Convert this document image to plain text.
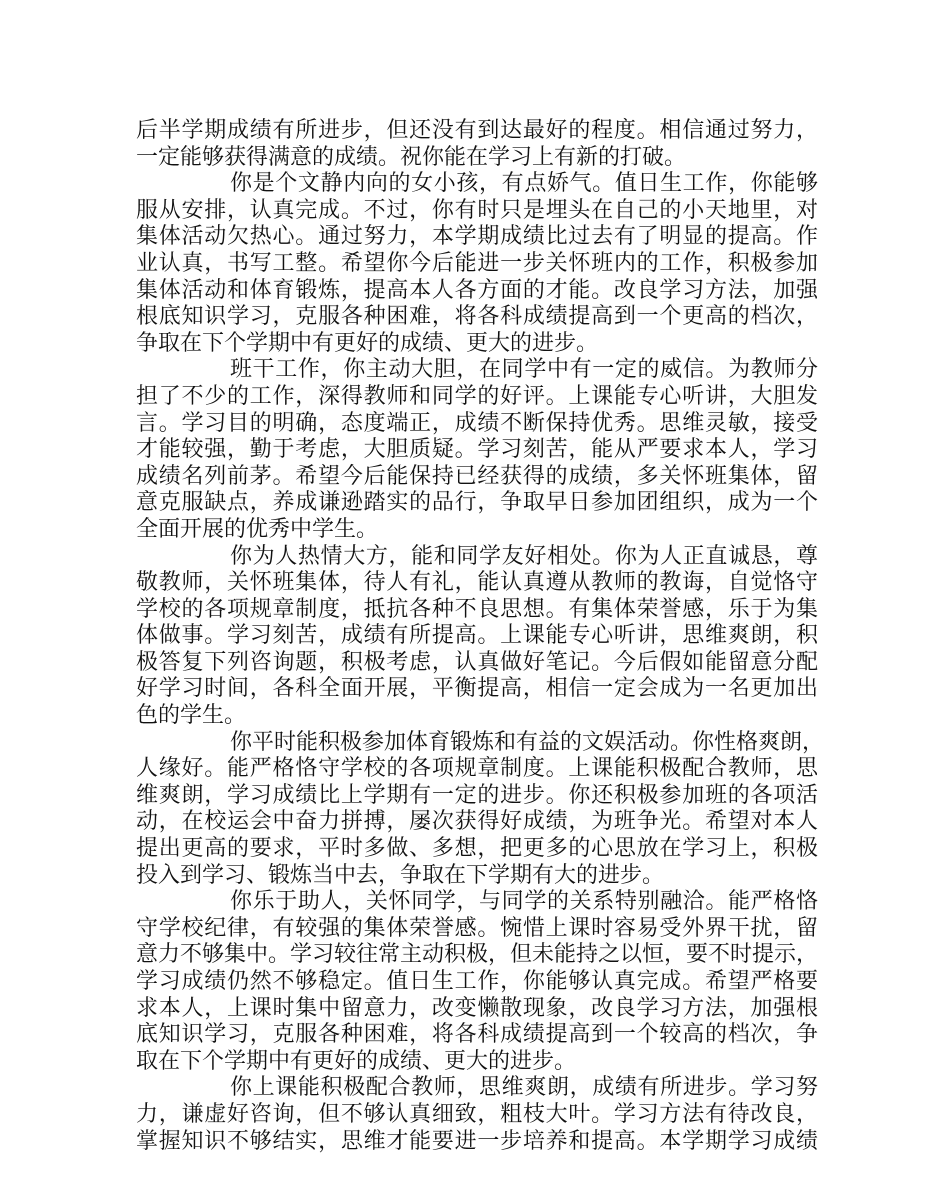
后半学期成绩有所进步，但还没有到达最好的程度。相信通过努力，
一定能够获得满意的成绩。祝你能在学习上有新的打破。
你是个文静内向的女小孩，有点娇气。值日生工作，你能够
服从安排，认真完成。不过，你有时只是埋头在自己的小天地里，对
集体活动欠热心。通过努力，本学期成绩比过去有了明显的提高。作
业认真，书写工整。希望你今后能进一步关怀班内的工作，积极参加
集体活动和体育锻炼，提高本人各方面的才能。改良学习方法，加强
根底知识学习，克服各种困难，将各科成绩提高到一个更高的档次，
争取在下个学期中有更好的成绩、更大的进步。
班干工作，你主动大胆，在同学中有一定的威信。为教师分
担了不少的工作，深得教师和同学的好评。上课能专心听讲，大胆发
言。学习目的明确，态度端正，成绩不断保持优秀。思维灵敏，接受
才能较强，勤于考虑，大胆质疑。学习刻苦，能从严要求本人，学习
成绩名列前茅。希望今后能保持已经获得的成绩，多关怀班集体，留
意克服缺点，养成谦逊踏实的品行，争取早日参加团组织，成为一个
全面开展的优秀中学生。
你为人热情大方，能和同学友好相处。你为人正直诚恳，尊
敬教师，关怀班集体，待人有礼，能认真遵从教师的教诲，自觉恪守
学校的各项规章制度，抵抗各种不良思想。有集体荣誉感，乐于为集
体做事。学习刻苦，成绩有所提高。上课能专心听讲，思维爽朗，积
极答复下列咨询题，积极考虑，认真做好笔记。今后假如能留意分配
好学习时间，各科全面开展，平衡提高，相信一定会成为一名更加出
色的学生。
你平时能积极参加体育锻炼和有益的文娱活动。你性格爽朗，
人缘好。能严格恪守学校的各项规章制度。上课能积极配合教师，思
维爽朗，学习成绩比上学期有一定的进步。你还积极参加班的各项活
动，在校运会中奋力拼搏，屡次获得好成绩，为班争光。希望对本人
提出更高的要求，平时多做、多想，把更多的心思放在学习上，积极
投入到学习、锻炼当中去，争取在下学期有大的进步。
你乐于助人，关怀同学，与同学的关系特别融洽。能严格恪
守学校纪律，有较强的集体荣誉感。惋惜上课时容易受外界干扰，留
意力不够集中。学习较往常主动积极，但未能持之以恒，要不时提示，
学习成绩仍然不够稳定。值日生工作，你能够认真完成。希望严格要
求本人，上课时集中留意力，改变懒散现象，改良学习方法，加强根
底知识学习，克服各种困难，将各科成绩提高到一个较高的档次，争
取在下个学期中有更好的成绩、更大的进步。
你上课能积极配合教师，思维爽朗，成绩有所进步。学习努
力，谦虚好咨询，但不够认真细致，粗枝大叶。学习方法有待改良，
掌握知识不够结实，思维才能要进一步培养和提高。本学期学习成绩
